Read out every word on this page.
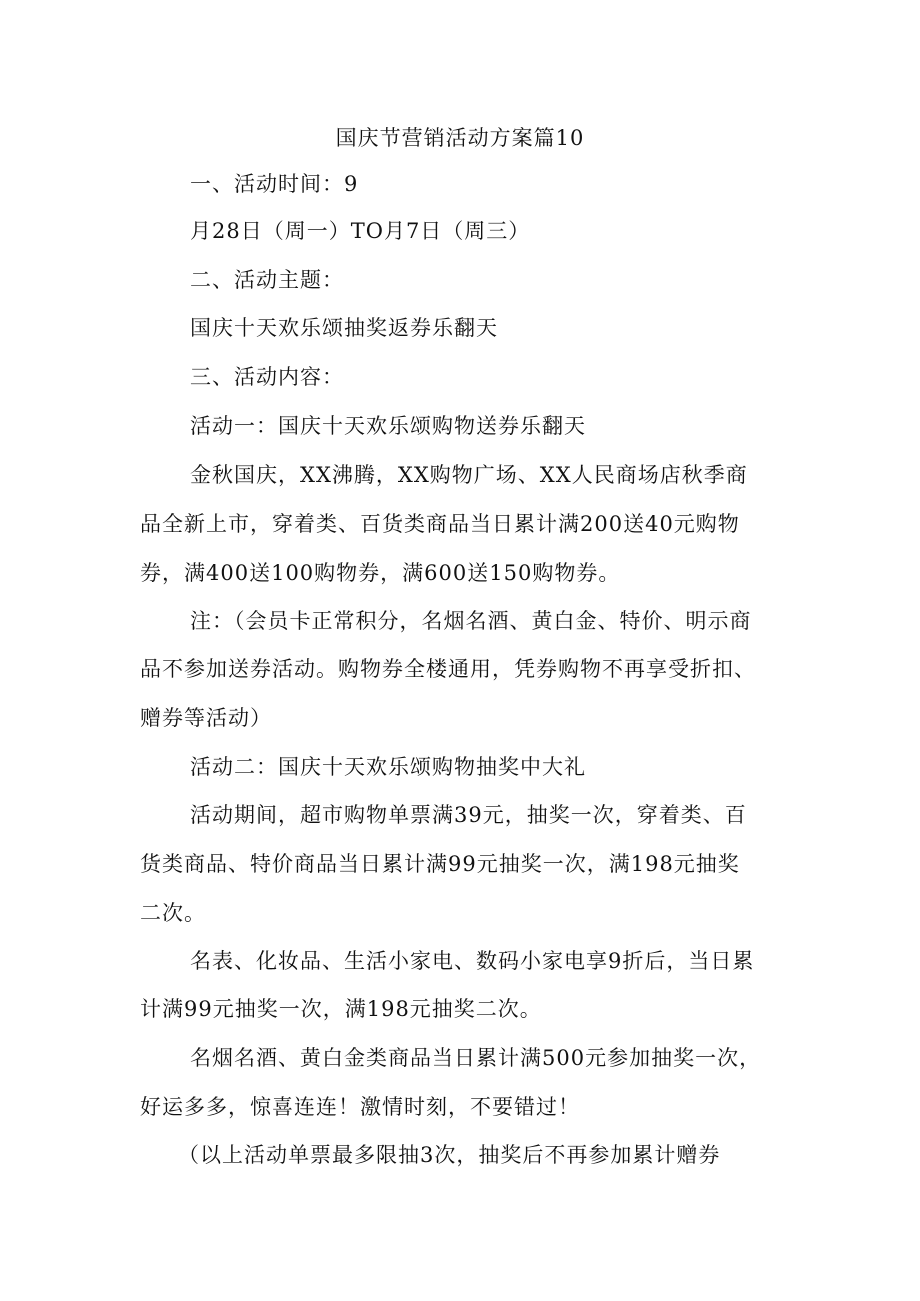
国庆节营销活动方案篇10
一、活动时间：9
月28日（周一）TO月7日（周三）
二、活动主题：
国庆十天欢乐颂抽奖返券乐翻天
三、活动内容：
活动一：国庆十天欢乐颂购物送券乐翻天
金秋国庆，XX沸腾，XX购物广场、XX人民商场店秋季商
品全新上市，穿着类、百货类商品当日累计满200送40元购物
券，满400送100购物券，满600送150购物券。
注：（会员卡正常积分，名烟名酒、黄白金、特价、明示商
品不参加送券活动。购物券全楼通用，凭券购物不再享受折扣、
赠券等活动）
活动二：国庆十天欢乐颂购物抽奖中大礼
活动期间，超市购物单票满39元，抽奖一次，穿着类、百
货类商品、特价商品当日累计满99元抽奖一次，满198元抽奖
二次。
名表、化妆品、生活小家电、数码小家电享9折后，当日累
计满99元抽奖一次，满198元抽奖二次。
名烟名酒、黄白金类商品当日累计满500元参加抽奖一次，
好运多多，惊喜连连！激情时刻，不要错过！
（以上活动单票最多限抽3次，抽奖后不再参加累计赠券
